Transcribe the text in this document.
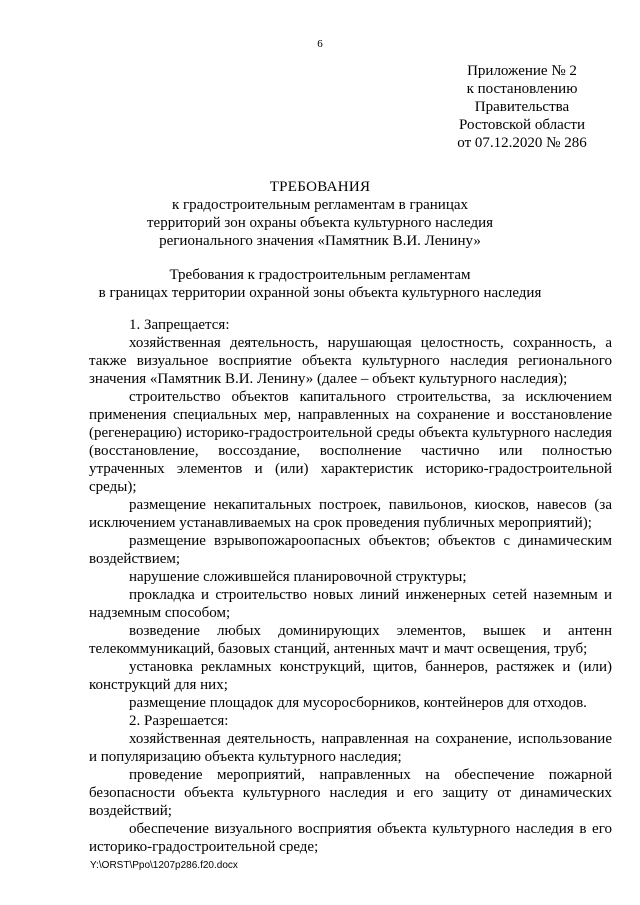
6
Приложение № 2
к постановлению
Правительства
Ростовской области
от 07.12.2020 № 286
ТРЕБОВАНИЯ
к градостроительным регламентам в границах
территорий зон охраны объекта культурного наследия
регионального значения «Памятник В.И. Ленину»
Требования к градостроительным регламентам
в границах территории охранной зоны объекта культурного наследия
1. Запрещается:
хозяйственная деятельность, нарушающая целостность, сохранность, а также визуальное восприятие объекта культурного наследия регионального значения «Памятник В.И. Ленину» (далее – объект культурного наследия);
строительство объектов капитального строительства, за исключением применения специальных мер, направленных на сохранение и восстановление (регенерацию) историко-градостроительной среды объекта культурного наследия (восстановление, воссоздание, восполнение частично или полностью утраченных элементов и (или) характеристик историко-градостроительной среды);
размещение некапитальных построек, павильонов, киосков, навесов (за исключением устанавливаемых на срок проведения публичных мероприятий);
размещение взрывопожароопасных объектов; объектов с динамическим воздействием;
нарушение сложившейся планировочной структуры;
прокладка и строительство новых линий инженерных сетей наземным и надземным способом;
возведение любых доминирующих элементов, вышек и антенн телекоммуникаций, базовых станций, антенных мачт и мачт освещения, труб;
установка рекламных конструкций, щитов, баннеров, растяжек и (или) конструкций для них;
размещение площадок для мусоросборников, контейнеров для отходов.
2. Разрешается:
хозяйственная деятельность, направленная на сохранение, использование и популяризацию объекта культурного наследия;
проведение мероприятий, направленных на обеспечение пожарной безопасности объекта культурного наследия и его защиту от динамических воздействий;
обеспечение визуального восприятия объекта культурного наследия в его историко-градостроительной среде;
Y:\ORST\Ppo\1207p286.f20.docx
